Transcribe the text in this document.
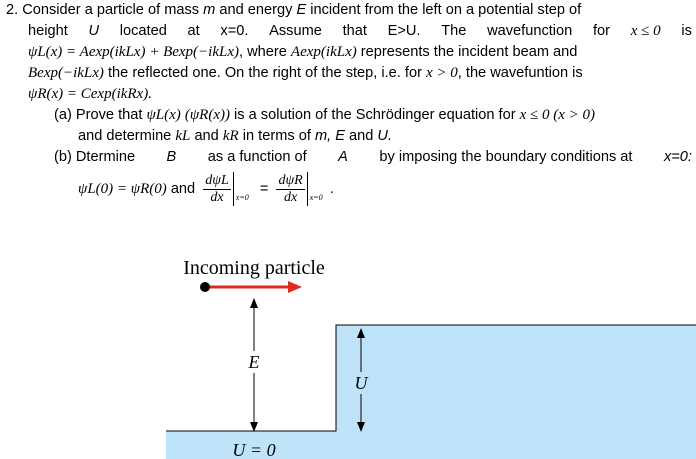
2.
Consider a particle of mass
m
and energy
E
incident from the left on a potential step of
height U located at x=0. Assume that E>U. The wavefunction for x ≤ 0 is
ψL(x) = Aexp(ikLx) + Bexp(−ikLx) , where
Aexp(ikLx)
represents the incident beam and
Bexp(−ikLx)
the reflected one. On the right of the step, i.e. for
x > 0 , the wavefuntion is
ψR(x) = Cexp(ikRx).
(a) Prove that
ψL(x)
(ψR(x))
is a solution of the Schrödinger equation for
x ≤ 0 (x > 0)
and determine
kL
and
kR
in terms of
m, E
and
U.
(b) Dtermine B as a function of A by imposing the boundary conditions at x=0:
ψL(0) = ψR(0)
and
$\frac{\text{dψL}}{dx} x=0$

=
$\frac{\text{dψR}}{dx} x=0$
.
Incoming particle
E
U
U = 0
